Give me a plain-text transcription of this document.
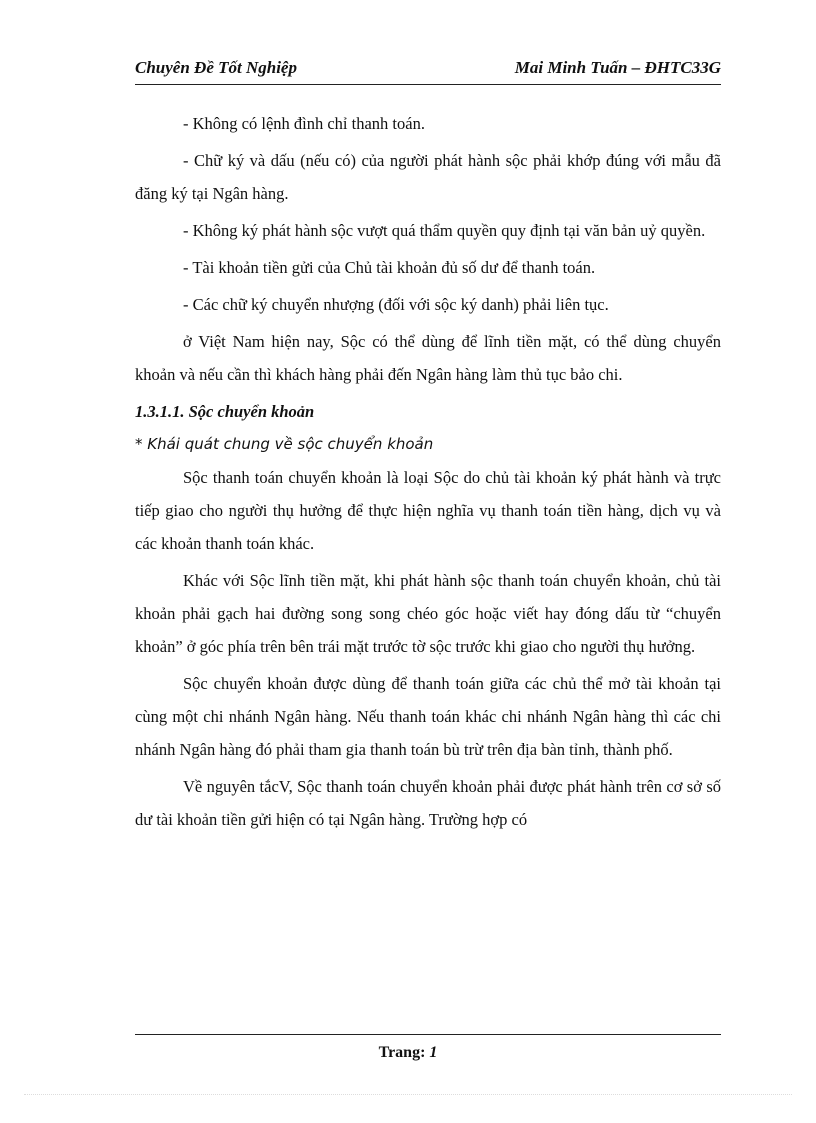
Chuyên Đề Tốt Nghiệp	Mai Minh Tuấn – ĐHTC33G

- Không có lệnh đình chỉ thanh toán.

- Chữ ký và dấu (nếu có) của người phát hành sộc phải khớp đúng với mẫu đã đăng ký tại Ngân hàng.

- Không ký phát hành sộc vượt quá thẩm quyền quy định tại văn bản uỷ quyền.

- Tài khoản tiền gửi của Chủ tài khoản đủ số dư để thanh toán.

- Các chữ ký chuyển nhượng (đối với sộc ký danh) phải liên tục.

ở Việt Nam hiện nay, Sộc có thể dùng để lĩnh tiền mặt, có thể dùng chuyển khoản và nếu cần thì khách hàng phải đến Ngân hàng làm thủ tục bảo chi.

1.3.1.1. Sộc chuyển khoản

* Khái quát chung về sộc chuyển khoản

Sộc thanh toán chuyển khoản là loại Sộc do chủ tài khoản ký phát hành và trực tiếp giao cho người thụ hưởng để thực hiện nghĩa vụ thanh toán tiền hàng, dịch vụ và các khoản thanh toán khác.

Khác với Sộc lĩnh tiền mặt, khi phát hành sộc thanh toán chuyển khoản, chủ tài khoản phải gạch hai đường song song chéo góc hoặc viết hay đóng dấu từ “chuyển khoản” ở góc phía trên bên trái mặt trước tờ sộc trước khi giao cho người thụ hưởng.

Sộc chuyển khoản được dùng để thanh toán giữa các chủ thể mở tài khoản tại cùng một chi nhánh Ngân hàng. Nếu thanh toán khác chi nhánh Ngân hàng thì các chi nhánh Ngân hàng đó phải tham gia thanh toán bù trừ trên địa bàn tỉnh, thành phố.

Về nguyên tắcV, Sộc thanh toán chuyển khoản phải được phát hành trên cơ sở số dư tài khoản tiền gửi hiện có tại Ngân hàng. Trường hợp có

Trang: 1
